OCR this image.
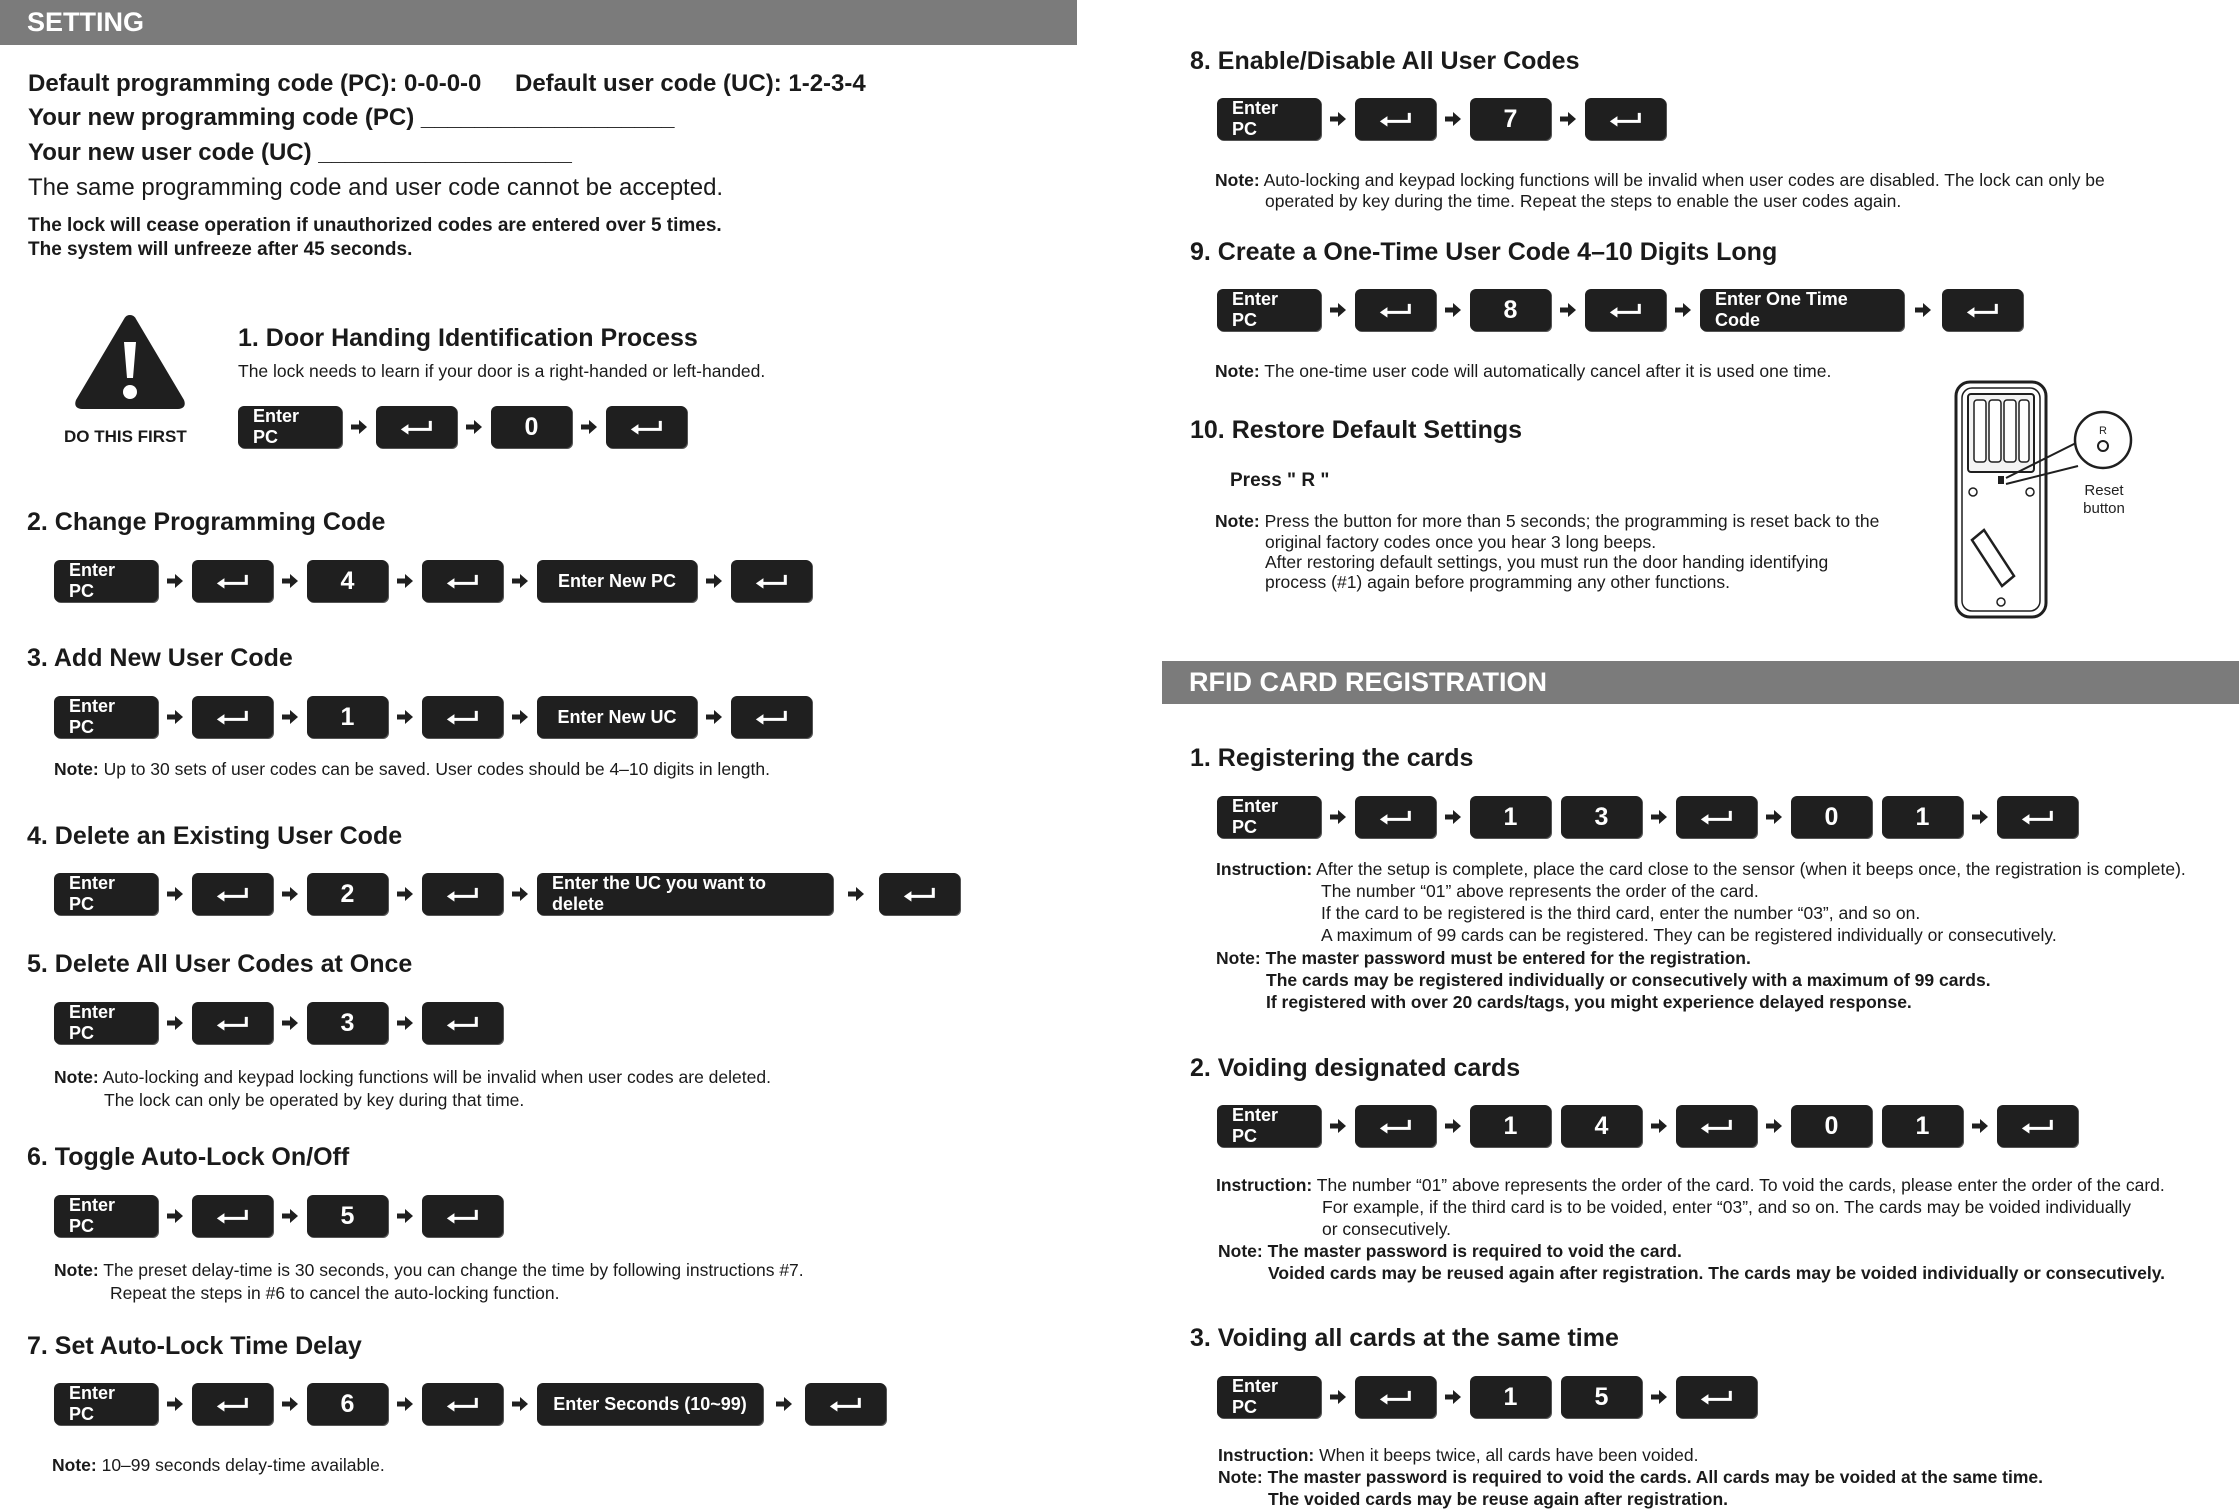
SETTING
Default programming code (PC): 0-0-0-0 Default user code (UC): 1-2-3-4
Your new programming code (PC) ___________________
Your new user code (UC) ___________________
The same programming code and user code cannot be accepted.
The lock will cease operation if unauthorized codes are entered over 5 times.
The system will unfreeze after 45 seconds.
DO THIS FIRST
1. Door Handing Identification Process
The lock needs to learn if your door is a right-handed or left-handed.
Enter PC	0
2. Change Programming Code
Enter PC	4	Enter New PC
3. Add New User Code
Enter PC	1	Enter New UC
Note: Up to 30 sets of user codes can be saved. User codes should be 4–10 digits in length.
4. Delete an Existing User Code
Enter PC	2	Enter the UC you want to delete
5. Delete All User Codes at Once
Enter PC	3
Note: Auto-locking and keypad locking functions will be invalid when user codes are deleted.
The lock can only be operated by key during that time.
6. Toggle Auto-Lock On/Off
Enter PC	5
Note: The preset delay-time is 30 seconds, you can change the time by following instructions #7.
Repeat the steps in #6 to cancel the auto-locking function.
7. Set Auto-Lock Time Delay
Enter PC	6	Enter Seconds (10~99)
Note: 10–99 seconds delay-time available.
8. Enable/Disable All User Codes
Enter PC	7
Note: Auto-locking and keypad locking functions will be invalid when user codes are disabled. The lock can only be
operated by key during the time. Repeat the steps to enable the user codes again.
9. Create a One-Time User Code 4–10 Digits Long
Enter PC	8	Enter One Time Code
Note: The one-time user code will automatically cancel after it is used one time.
10. Restore Default Settings
Press " R "
Note: Press the button for more than 5 seconds; the programming is reset back to the
original factory codes once you hear 3 long beeps.
After restoring default settings, you must run the door handing identifying
process (#1) again before programming any other functions.
R
Reset
button
RFID CARD REGISTRATION
1. Registering the cards
Enter PC	1	3	0	1
Instruction: After the setup is complete, place the card close to the sensor (when it beeps once, the registration is complete).
The number “01” above represents the order of the card.
If the card to be registered is the third card, enter the number “03”, and so on.
A maximum of 99 cards can be registered. They can be registered individually or consecutively.
Note: The master password must be entered for the registration.
The cards may be registered individually or consecutively with a maximum of 99 cards.
If registered with over 20 cards/tags, you might experience delayed response.
2. Voiding designated cards
Enter PC	1	4	0	1
Instruction: The number “01” above represents the order of the card. To void the cards, please enter the order of the card.
For example, if the third card is to be voided, enter “03”, and so on. The cards may be voided individually
or consecutively.
Note: The master password is required to void the card.
Voided cards may be reused again after registration. The cards may be voided individually or consecutively.
3. Voiding all cards at the same time
Enter PC	1	5
Instruction: When it beeps twice, all cards have been voided.
Note: The master password is required to void the cards. All cards may be voided at the same time.
The voided cards may be reuse again after registration.
